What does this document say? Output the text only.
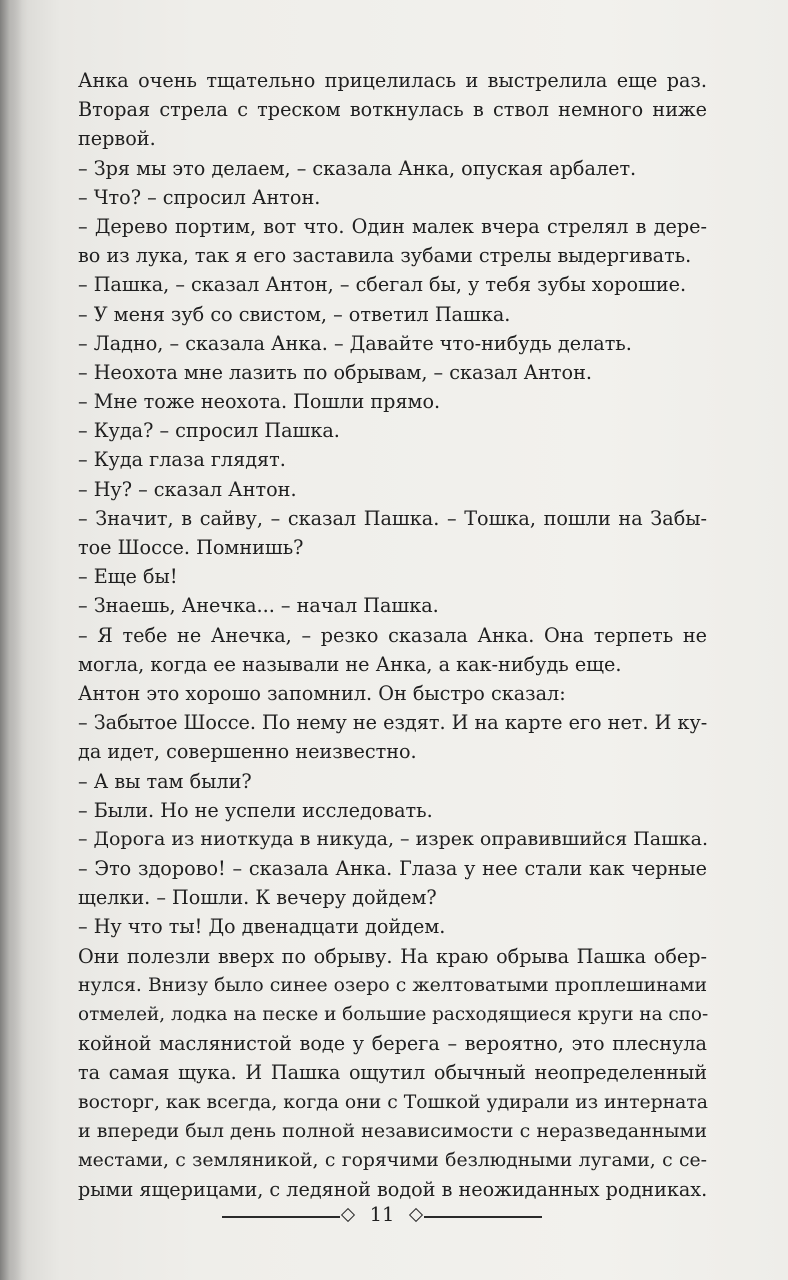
Анка очень тщательно прицелилась и выстрелила еще раз.
Вторая стрела с треском воткнулась в ствол немного ниже
первой.
– Зря мы это делаем, – сказала Анка, опуская арбалет.
– Что? – спросил Антон.
– Дерево портим, вот что. Один малек вчера стрелял в дере-
во из лука, так я его заставила зубами стрелы выдергивать.
– Пашка, – сказал Антон, – сбегал бы, у тебя зубы хорошие.
– У меня зуб со свистом, – ответил Пашка.
– Ладно, – сказала Анка. – Давайте что-нибудь делать.
– Неохота мне лазить по обрывам, – сказал Антон.
– Мне тоже неохота. Пошли прямо.
– Куда? – спросил Пашка.
– Куда глаза глядят.
– Ну? – сказал Антон.
– Значит, в сайву, – сказал Пашка. – Тошка, пошли на Забы-
тое Шоссе. Помнишь?
– Еще бы!
– Знаешь, Анечка... – начал Пашка.
– Я тебе не Анечка, – резко сказала Анка. Она терпеть не
могла, когда ее называли не Анка, а как-нибудь еще.
Антон это хорошо запомнил. Он быстро сказал:
– Забытое Шоссе. По нему не ездят. И на карте его нет. И ку-
да идет, совершенно неизвестно.
– А вы там были?
– Были. Но не успели исследовать.
– Дорога из ниоткуда в никуда, – изрек оправившийся Пашка.
– Это здорово! – сказала Анка. Глаза у нее стали как черные
щелки. – Пошли. К вечеру дойдем?
– Ну что ты! До двенадцати дойдем.
Они полезли вверх по обрыву. На краю обрыва Пашка обер-
нулся. Внизу было синее озеро с желтоватыми проплешинами
отмелей, лодка на песке и большие расходящиеся круги на спо-
койной маслянистой воде у берега – вероятно, это плеснула
та самая щука. И Пашка ощутил обычный неопределенный
восторг, как всегда, когда они с Тошкой удирали из интерната
и впереди был день полной независимости с неразведанными
местами, с земляникой, с горячими безлюдными лугами, с се-
рыми ящерицами, с ледяной водой в неожиданных родниках.
11
